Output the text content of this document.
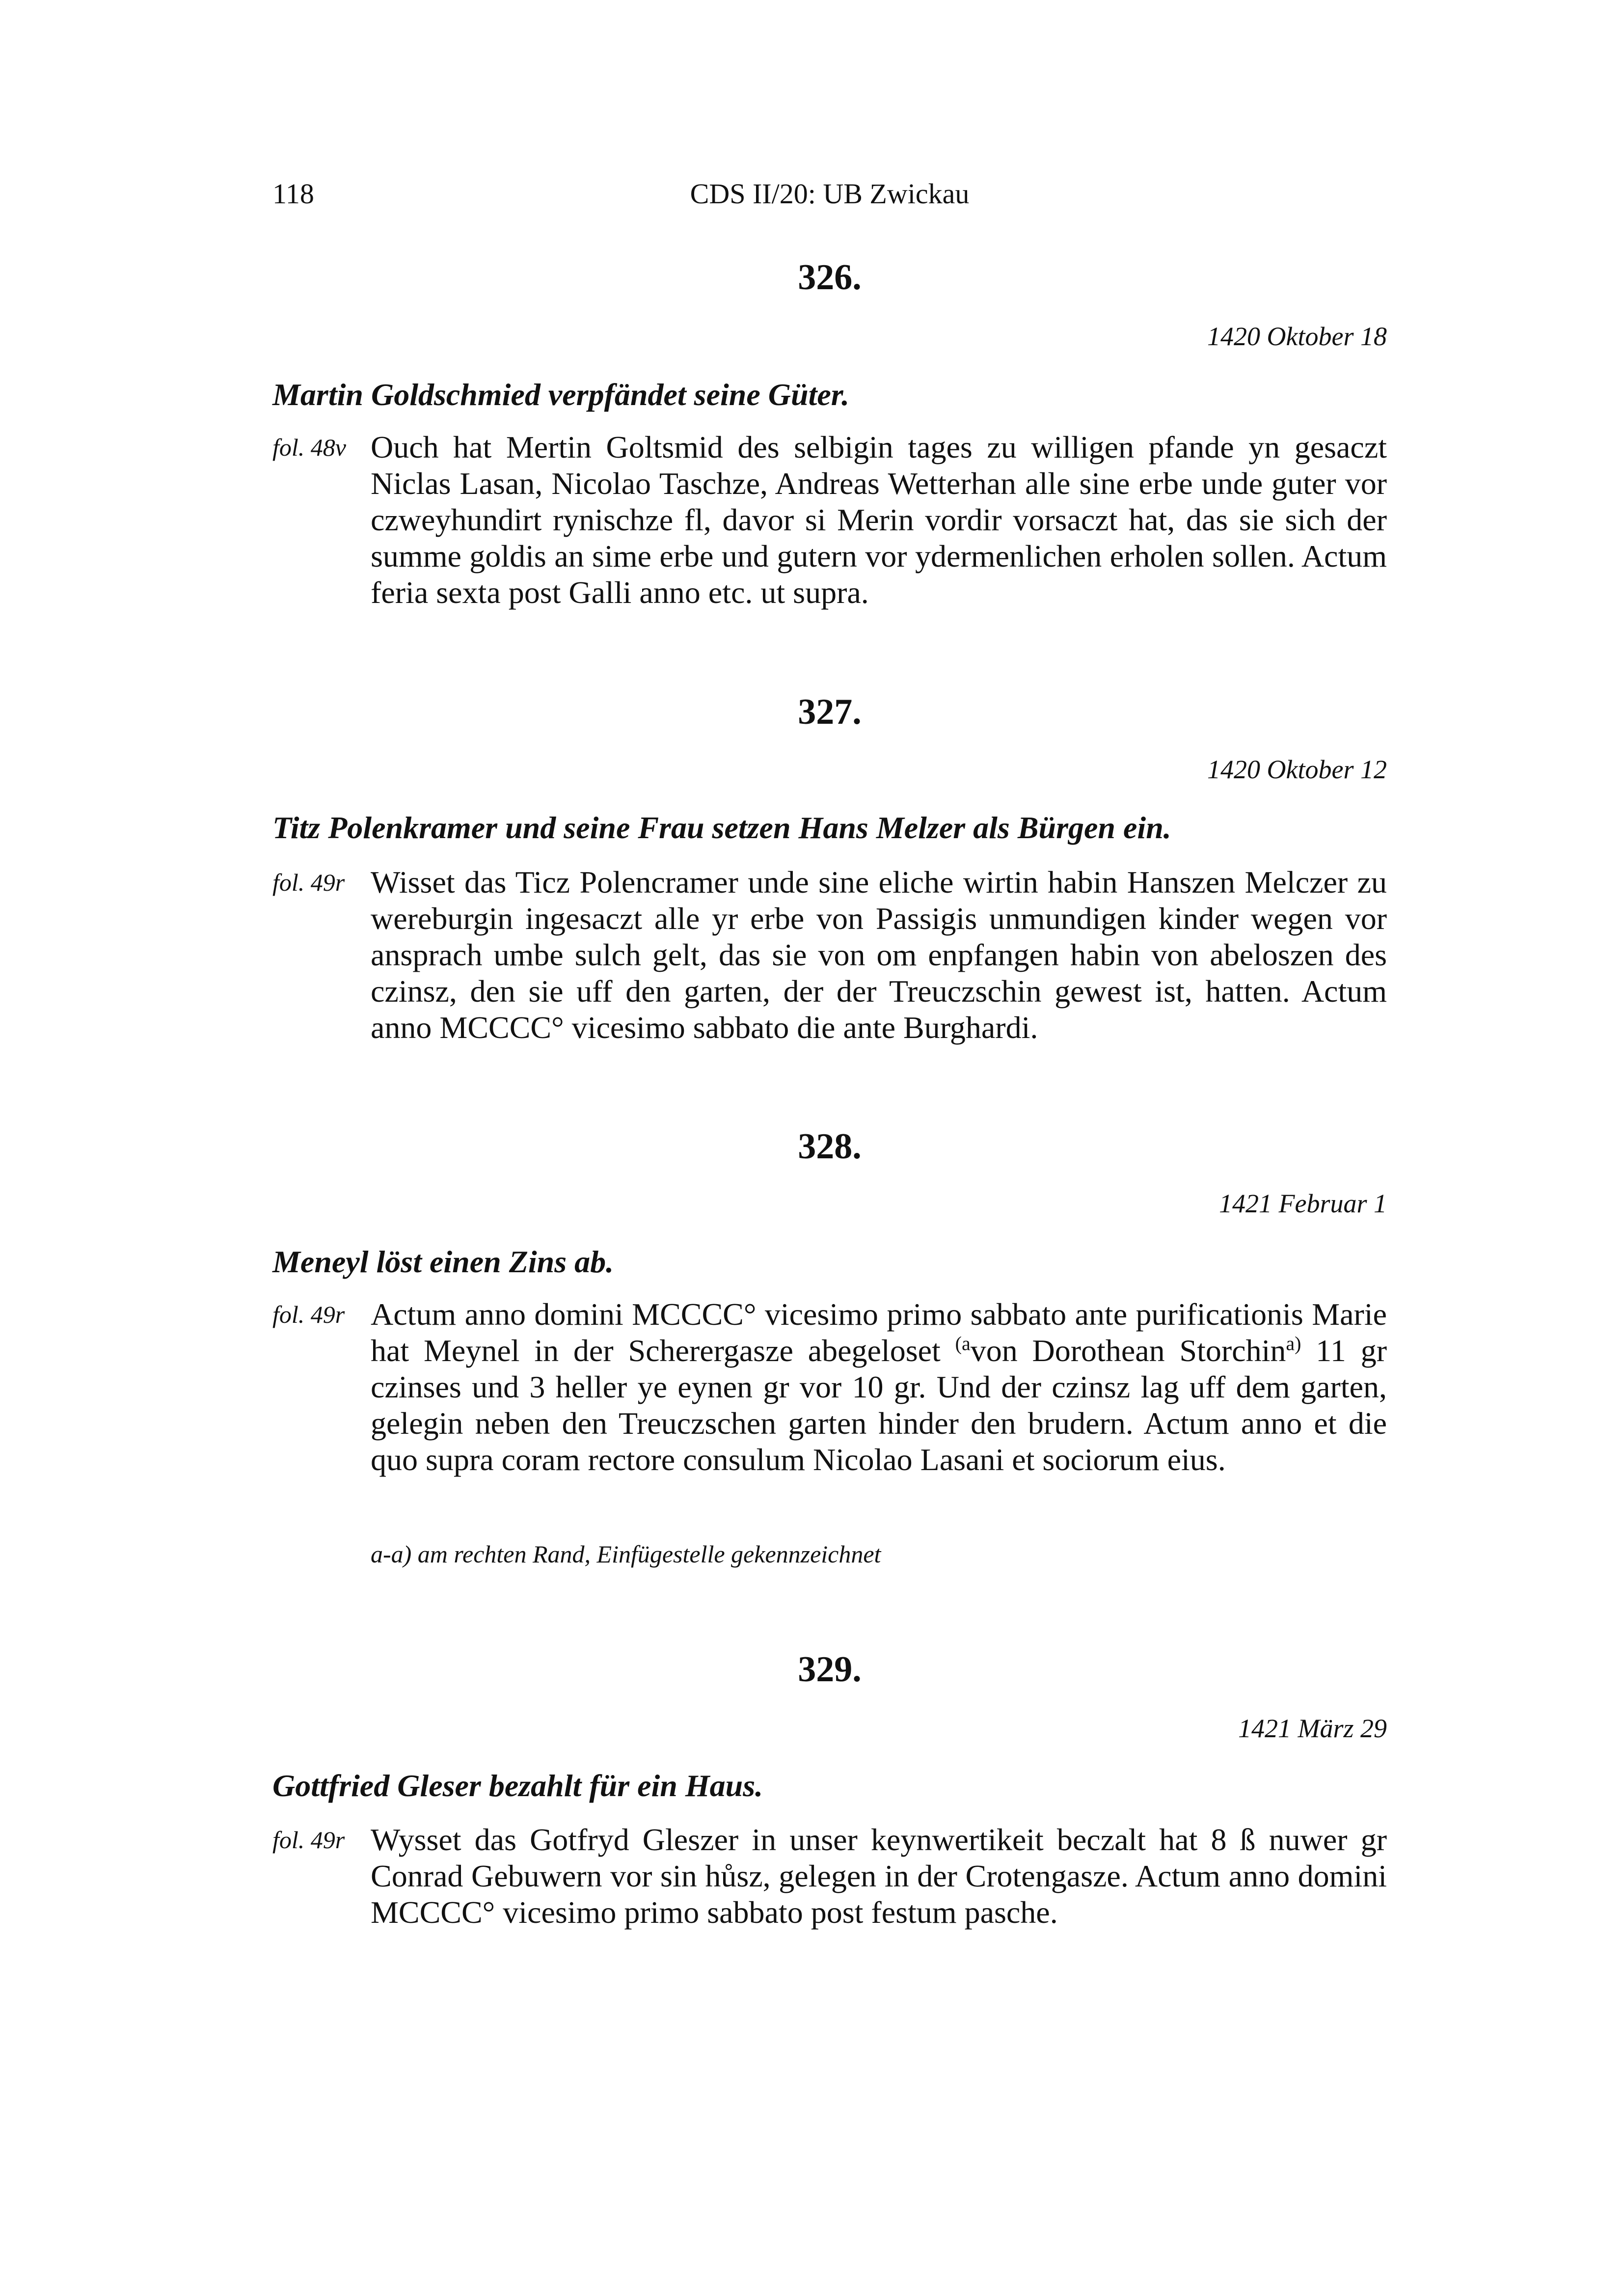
118	CDS II/20: UB Zwickau
326.
1420 Oktober 18
Martin Goldschmied verpfändet seine Güter.
fol. 48v Ouch hat Mertin Goltsmid des selbigin tages zu willigen pfande yn gesaczt Niclas Lasan, Nicolao Taschze, Andreas Wetterhan alle sine erbe unde guter vor czweyhundirt rynischze fl, davor si Merin vordir vorsaczt hat, das sie sich der summe goldis an sime erbe und gutern vor ydermenlichen erholen sollen. Actum feria sexta post Galli anno etc. ut supra.
327.
1420 Oktober 12
Titz Polenkramer und seine Frau setzen Hans Melzer als Bürgen ein.
fol. 49r Wisset das Ticz Polencramer unde sine eliche wirtin habin Hanszen Melczer zu wereburgin ingesaczt alle yr erbe von Passigis unmundigen kinder wegen vor ansprach umbe sulch gelt, das sie von om enpfangen habin von abeloszen des czinsz, den sie uff den garten, der der Treuczschin gewest ist, hatten. Actum anno MCCCC° vicesimo sabbato die ante Burghardi.
328.
1421 Februar 1
Meneyl löst einen Zins ab.
fol. 49r Actum anno domini MCCCC° vicesimo primo sabbato ante purificationis Marie hat Meynel in der Scherergasze abegeloset $^{(a}$von Dorothean Storchin$^{a)}$ 11 gr czinses und 3 heller ye eynen gr vor 10 gr. Und der czinsz lag uff dem garten, gelegin neben den Treuczschen garten hinder den brudern. Actum anno et die quo supra coram rectore consulum Nicolao Lasani et sociorum eius.
a-a) am rechten Rand, Einfügestelle gekennzeichnet
329.
1421 März 29
Gottfried Gleser bezahlt für ein Haus.
fol. 49r Wysset das Gotfryd Gleszer in unser keynwertikeit beczalt hat 8 ß nuwer gr Conrad Gebuwern vor sin hůsz, gelegen in der Crotengasze. Actum anno domini MCCCC° vicesimo primo sabbato post festum pasche.
